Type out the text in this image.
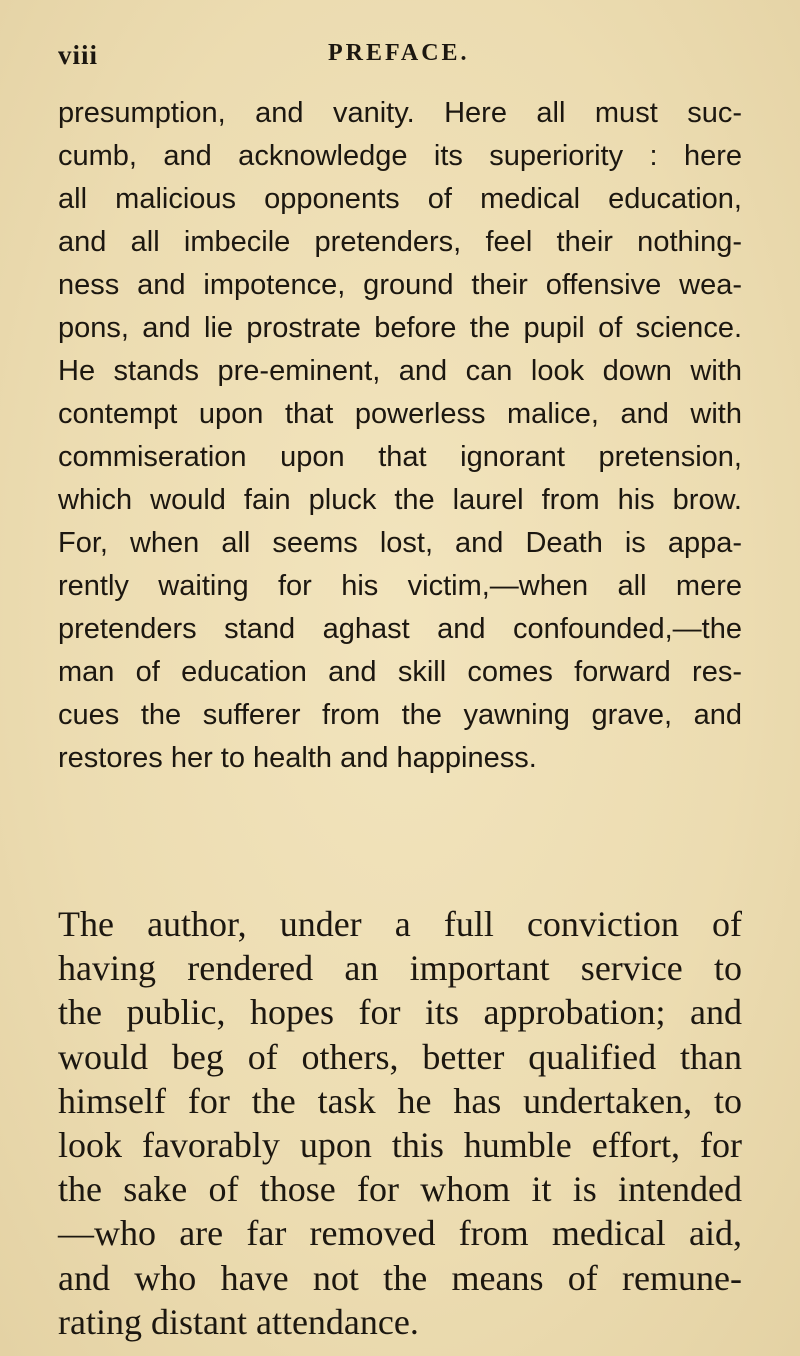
viii	PREFACE.
presumption, and vanity. Here all must suc-
cumb, and acknowledge its superiority : here
all malicious opponents of medical education,
and all imbecile pretenders, feel their nothing-
ness and impotence, ground their offensive wea-
pons, and lie prostrate before the pupil of science.
He stands pre-eminent, and can look down with
contempt upon that powerless malice, and with
commiseration upon that ignorant pretension,
which would fain pluck the laurel from his brow.
For, when all seems lost, and Death is appa-
rently waiting for his victim,—when all mere
pretenders stand aghast and confounded,—the
man of education and skill comes forward res-
cues the sufferer from the yawning grave, and
restores her to health and happiness.
The author, under a full conviction of
having rendered an important service to
the public, hopes for its approbation; and
would beg of others, better qualified than
himself for the task he has undertaken, to
look favorably upon this humble effort, for
the sake of those for whom it is intended
—who are far removed from medical aid,
and who have not the means of remune-
rating distant attendance.
